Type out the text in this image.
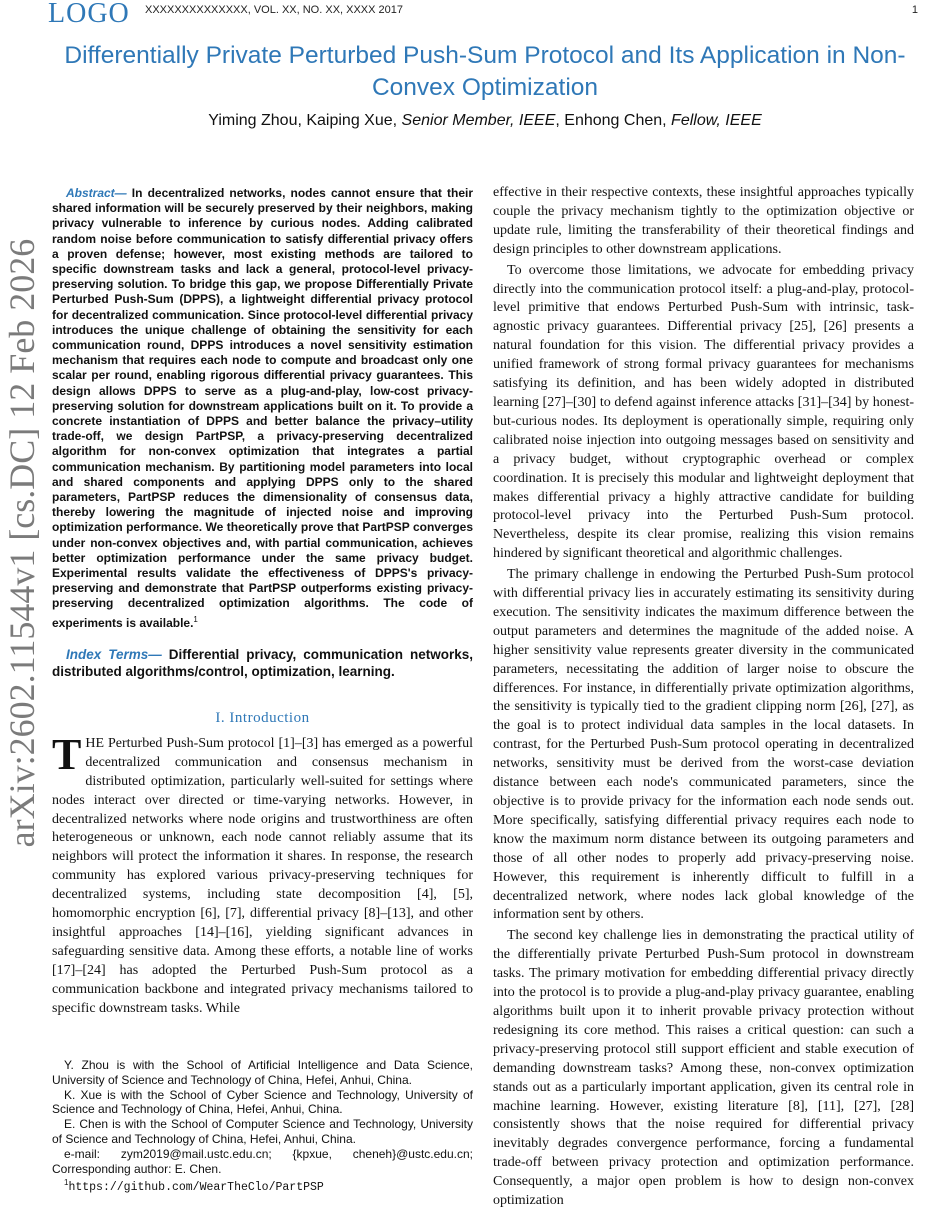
LOGO XXXXXXXXXXXXXX, VOL. XX, NO. XX, XXXX 2017	1
Differentially Private Perturbed Push-Sum Protocol and Its Application in Non-Convex Optimization
Yiming Zhou, Kaiping Xue, Senior Member, IEEE, Enhong Chen, Fellow, IEEE
arXiv:2602.11544v1 [cs.DC] 12 Feb 2026

Abstract— In decentralized networks, nodes cannot ensure that their shared information will be securely preserved by their neighbors, making privacy vulnerable to inference by curious nodes. Adding calibrated random noise before communication to satisfy differential privacy offers a proven defense; however, most existing methods are tailored to specific downstream tasks and lack a general, protocol-level privacy-preserving solution. To bridge this gap, we propose Differentially Private Perturbed Push-Sum (DPPS), a lightweight differential privacy protocol for decentralized communication. Since protocol-level differential privacy introduces the unique challenge of obtaining the sensitivity for each communication round, DPPS introduces a novel sensitivity estimation mechanism that requires each node to compute and broadcast only one scalar per round, enabling rigorous differential privacy guarantees. This design allows DPPS to serve as a plug-and-play, low-cost privacy-preserving solution for downstream applications built on it. To provide a concrete instantiation of DPPS and better balance the privacy–utility trade-off, we design PartPSP, a privacy-preserving decentralized algorithm for non-convex optimization that integrates a partial communication mechanism. By partitioning model parameters into local and shared components and applying DPPS only to the shared parameters, PartPSP reduces the dimensionality of consensus data, thereby lowering the magnitude of injected noise and improving optimization performance. We theoretically prove that PartPSP converges under non-convex objectives and, with partial communication, achieves better optimization performance under the same privacy budget. Experimental results validate the effectiveness of DPPS's privacy-preserving and demonstrate that PartPSP outperforms existing privacy-preserving decentralized optimization algorithms. The code of experiments is available.$^1$

Index Terms— Differential privacy, communication networks, distributed algorithms/control, optimization, learning.

I. Introduction

THE Perturbed Push-Sum protocol [1]–[3] has emerged as a powerful decentralized communication and consensus mechanism in distributed optimization, particularly well-suited for settings where nodes interact over directed or time-varying networks. However, in decentralized networks where node origins and trustworthiness are often heterogeneous or unknown, each node cannot reliably assume that its neighbors will protect the information it shares. In response, the research community has explored various privacy-preserving techniques for decentralized systems, including state decomposition [4], [5], homomorphic encryption [6], [7], differential privacy [8]–[13], and other insightful approaches [14]–[16], yielding significant advances in safeguarding sensitive data. Among these efforts, a notable line of works [17]–[24] has adopted the Perturbed Push-Sum protocol as a communication backbone and integrated privacy mechanisms tailored to specific downstream tasks. While

effective in their respective contexts, these insightful approaches typically couple the privacy mechanism tightly to the optimization objective or update rule, limiting the transferability of their theoretical findings and design principles to other downstream applications.

To overcome those limitations, we advocate for embedding privacy directly into the communication protocol itself: a plug-and-play, protocol-level primitive that endows Perturbed Push-Sum with intrinsic, task-agnostic privacy guarantees. Differential privacy [25], [26] presents a natural foundation for this vision. The differential privacy provides a unified framework of strong formal privacy guarantees for mechanisms satisfying its definition, and has been widely adopted in distributed learning [27]–[30] to defend against inference attacks [31]–[34] by honest-but-curious nodes. Its deployment is operationally simple, requiring only calibrated noise injection into outgoing messages based on sensitivity and a privacy budget, without cryptographic overhead or complex coordination. It is precisely this modular and lightweight deployment that makes differential privacy a highly attractive candidate for building protocol-level privacy into the Perturbed Push-Sum protocol. Nevertheless, despite its clear promise, realizing this vision remains hindered by significant theoretical and algorithmic challenges.

The primary challenge in endowing the Perturbed Push-Sum protocol with differential privacy lies in accurately estimating its sensitivity during execution. The sensitivity indicates the maximum difference between the output parameters and determines the magnitude of the added noise. A higher sensitivity value represents greater diversity in the communicated parameters, necessitating the addition of larger noise to obscure the differences. For instance, in differentially private optimization algorithms, the sensitivity is typically tied to the gradient clipping norm [26], [27], as the goal is to protect individual data samples in the local datasets. In contrast, for the Perturbed Push-Sum protocol operating in decentralized networks, sensitivity must be derived from the worst-case deviation distance between each node's communicated parameters, since the objective is to provide privacy for the information each node sends out. More specifically, satisfying differential privacy requires each node to know the maximum norm distance between its outgoing parameters and those of all other nodes to properly add privacy-preserving noise. However, this requirement is inherently difficult to fulfill in a decentralized network, where nodes lack global knowledge of the information sent by others.

The second key challenge lies in demonstrating the practical utility of the differentially private Perturbed Push-Sum protocol in downstream tasks. The primary motivation for embedding differential privacy directly into the protocol is to provide a plug-and-play privacy guarantee, enabling algorithms built upon it to inherit provable privacy protection without redesigning its core method. This raises a critical question: can such a privacy-preserving protocol still support efficient and stable execution of demanding downstream tasks? Among these, non-convex optimization stands out as a particularly important application, given its central role in machine learning. However, existing literature [8], [11], [27], [28] consistently shows that the noise required for differential privacy inevitably degrades convergence performance, forcing a fundamental trade-off between privacy protection and optimization performance. Consequently, a major open problem is how to design non-convex optimization

Y. Zhou is with the School of Artificial Intelligence and Data Science, University of Science and Technology of China, Hefei, Anhui, China.

K. Xue is with the School of Cyber Science and Technology, University of Science and Technology of China, Hefei, Anhui, China.

E. Chen is with the School of Computer Science and Technology, University of Science and Technology of China, Hefei, Anhui, China.

e-mail: zym2019@mail.ustc.edu.cn; {kpxue, cheneh}@ustc.edu.cn; Corresponding author: E. Chen.

$^1$https://github.com/WearTheClo/PartPSP
